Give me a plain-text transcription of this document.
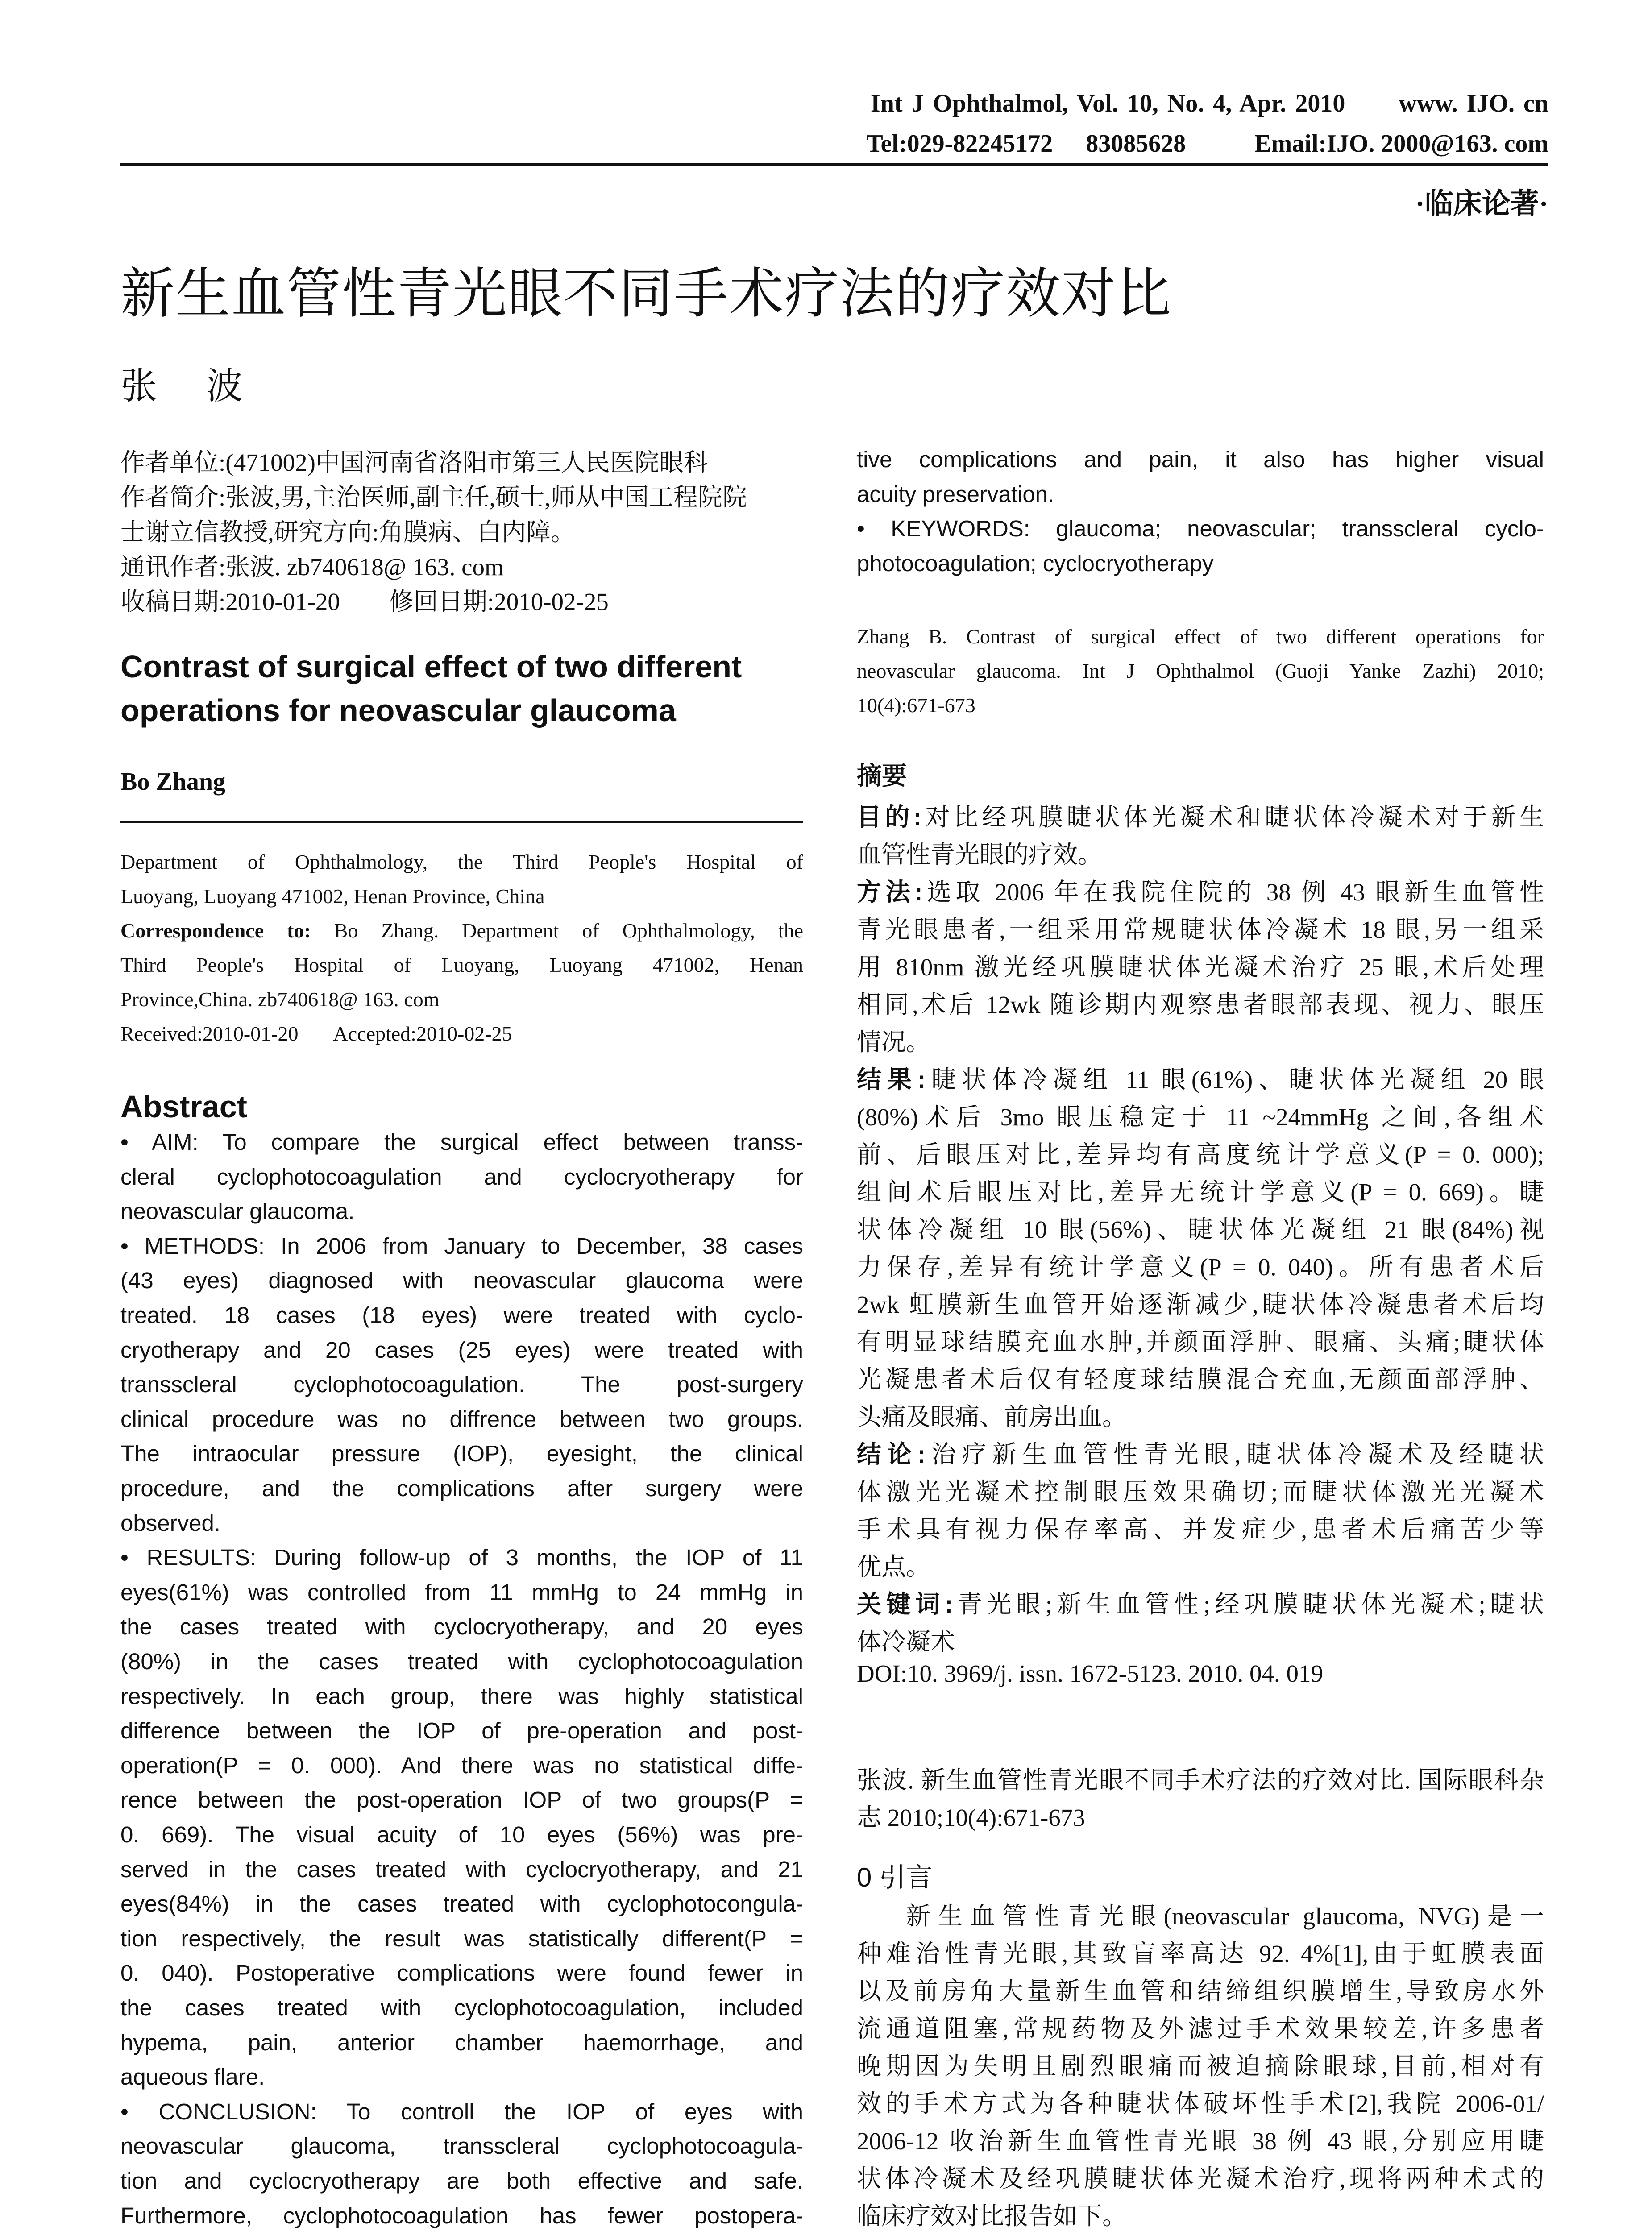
Int J Ophthalmol, Vol. 10, No. 4, Apr. 2010 www. IJO. cn
Tel:029-82245172 83085628	Email:IJO. 2000@163. com
·临床论著·
新生血管性青光眼不同手术疗法的疗效对比
张波
作者单位:(471002)中国河南省洛阳市第三人民医院眼科
作者简介:张波,男,主治医师,副主任,硕士,师从中国工程院院
士谢立信教授,研究方向:角膜病、白内障。
通讯作者:张波. zb740618@ 163. com
收稿日期:2010-01-20        修回日期:2010-02-25
Contrast of surgical effect of two different
operations for neovascular glaucoma
Bo Zhang
Department of Ophthalmology, the Third People's Hospital of
Luoyang, Luoyang 471002, Henan Province, China
Correspondence to: Bo Zhang. Department of Ophthalmology, the
Third People's Hospital of Luoyang, Luoyang 471002, Henan
Province,China. zb740618@ 163. com
Received:2010-01-20       Accepted:2010-02-25
Abstract
• AIM: To compare the surgical effect between transs-
cleral cyclophotocoagulation and cyclocryotherapy for
neovascular glaucoma.
• METHODS: In 2006 from January to December, 38 cases
(43 eyes) diagnosed with neovascular glaucoma were
treated. 18 cases (18 eyes) were treated with cyclo-
cryotherapy and 20 cases (25 eyes) were treated with
transscleral cyclophotocoagulation. The post-surgery
clinical procedure was no diffrence between two groups.
The intraocular pressure (IOP), eyesight, the clinical
procedure, and the complications after surgery were
observed.
• RESULTS: During follow-up of 3 months, the IOP of 11
eyes(61%) was controlled from 11 mmHg to 24 mmHg in
the cases treated with cyclocryotherapy, and 20 eyes
(80%) in the cases treated with cyclophotocoagulation
respectively. In each group, there was highly statistical
difference between the IOP of pre-operation and post-
operation(P = 0. 000). And there was no statistical diffe-
rence between the post-operation IOP of two groups(P =
0. 669). The visual acuity of 10 eyes (56%) was pre-
served in the cases treated with cyclocryotherapy, and 21
eyes(84%) in the cases treated with cyclophotocongula-
tion respectively, the result was statistically different(P =
0. 040). Postoperative complications were found fewer in
the cases treated with cyclophotocoagulation, included
hypema, pain, anterior chamber haemorrhage, and
aqueous flare.
• CONCLUSION: To controll the IOP of eyes with
neovascular glaucoma, transscleral cyclophotocoagula-
tion and cyclocryotherapy are both effective and safe.
Furthermore, cyclophotocoagulation has fewer postopera-
tive complications and pain, it also has higher visual
acuity preservation.
• KEYWORDS: glaucoma; neovascular; transscleral cyclo-
photocoagulation; cyclocryotherapy
Zhang B. Contrast of surgical effect of two different operations for
neovascular glaucoma. Int J Ophthalmol (Guoji Yanke Zazhi) 2010;
10(4):671-673
摘要
目的:对比经巩膜睫状体光凝术和睫状体冷凝术对于新生
血管性青光眼的疗效。
方法:选取 2006 年在我院住院的 38 例 43 眼新生血管性
青光眼患者,一组采用常规睫状体冷凝术 18 眼,另一组采
用 810nm 激光经巩膜睫状体光凝术治疗 25 眼,术后处理
相同,术后 12wk 随诊期内观察患者眼部表现、视力、眼压
情况。
结果:睫状体冷凝组 11 眼(61%)、睫状体光凝组 20 眼
(80%)术后 3mo 眼压稳定于 11 ~24mmHg 之间,各组术
前、后眼压对比,差异均有高度统计学意义(P = 0. 000);
组间术后眼压对比,差异无统计学意义(P = 0. 669)。睫
状体冷凝组 10 眼(56%)、睫状体光凝组 21 眼(84%)视
力保存,差异有统计学意义(P = 0. 040)。所有患者术后
2wk 虹膜新生血管开始逐渐减少,睫状体冷凝患者术后均
有明显球结膜充血水肿,并颜面浮肿、眼痛、头痛;睫状体
光凝患者术后仅有轻度球结膜混合充血,无颜面部浮肿、
头痛及眼痛、前房出血。
结论:治疗新生血管性青光眼,睫状体冷凝术及经睫状
体激光光凝术控制眼压效果确切;而睫状体激光光凝术
手术具有视力保存率高、并发症少,患者术后痛苦少等
优点。
关键词:青光眼;新生血管性;经巩膜睫状体光凝术;睫状
体冷凝术
DOI:10. 3969/j. issn. 1672-5123. 2010. 04. 019
张波. 新生血管性青光眼不同手术疗法的疗效对比. 国际眼科杂
志 2010;10(4):671-673
0 引言
新生血管性青光眼(neovascular glaucoma, NVG)是一
种难治性青光眼,其致盲率高达 92. 4%[1],由于虹膜表面
以及前房角大量新生血管和结缔组织膜增生,导致房水外
流通道阻塞,常规药物及外滤过手术效果较差,许多患者
晚期因为失明且剧烈眼痛而被迫摘除眼球,目前,相对有
效的手术方式为各种睫状体破坏性手术[2],我院 2006-01/
2006-12 收治新生血管性青光眼 38 例 43 眼,分别应用睫
状体冷凝术及经巩膜睫状体光凝术治疗,现将两种术式的
临床疗效对比报告如下。
